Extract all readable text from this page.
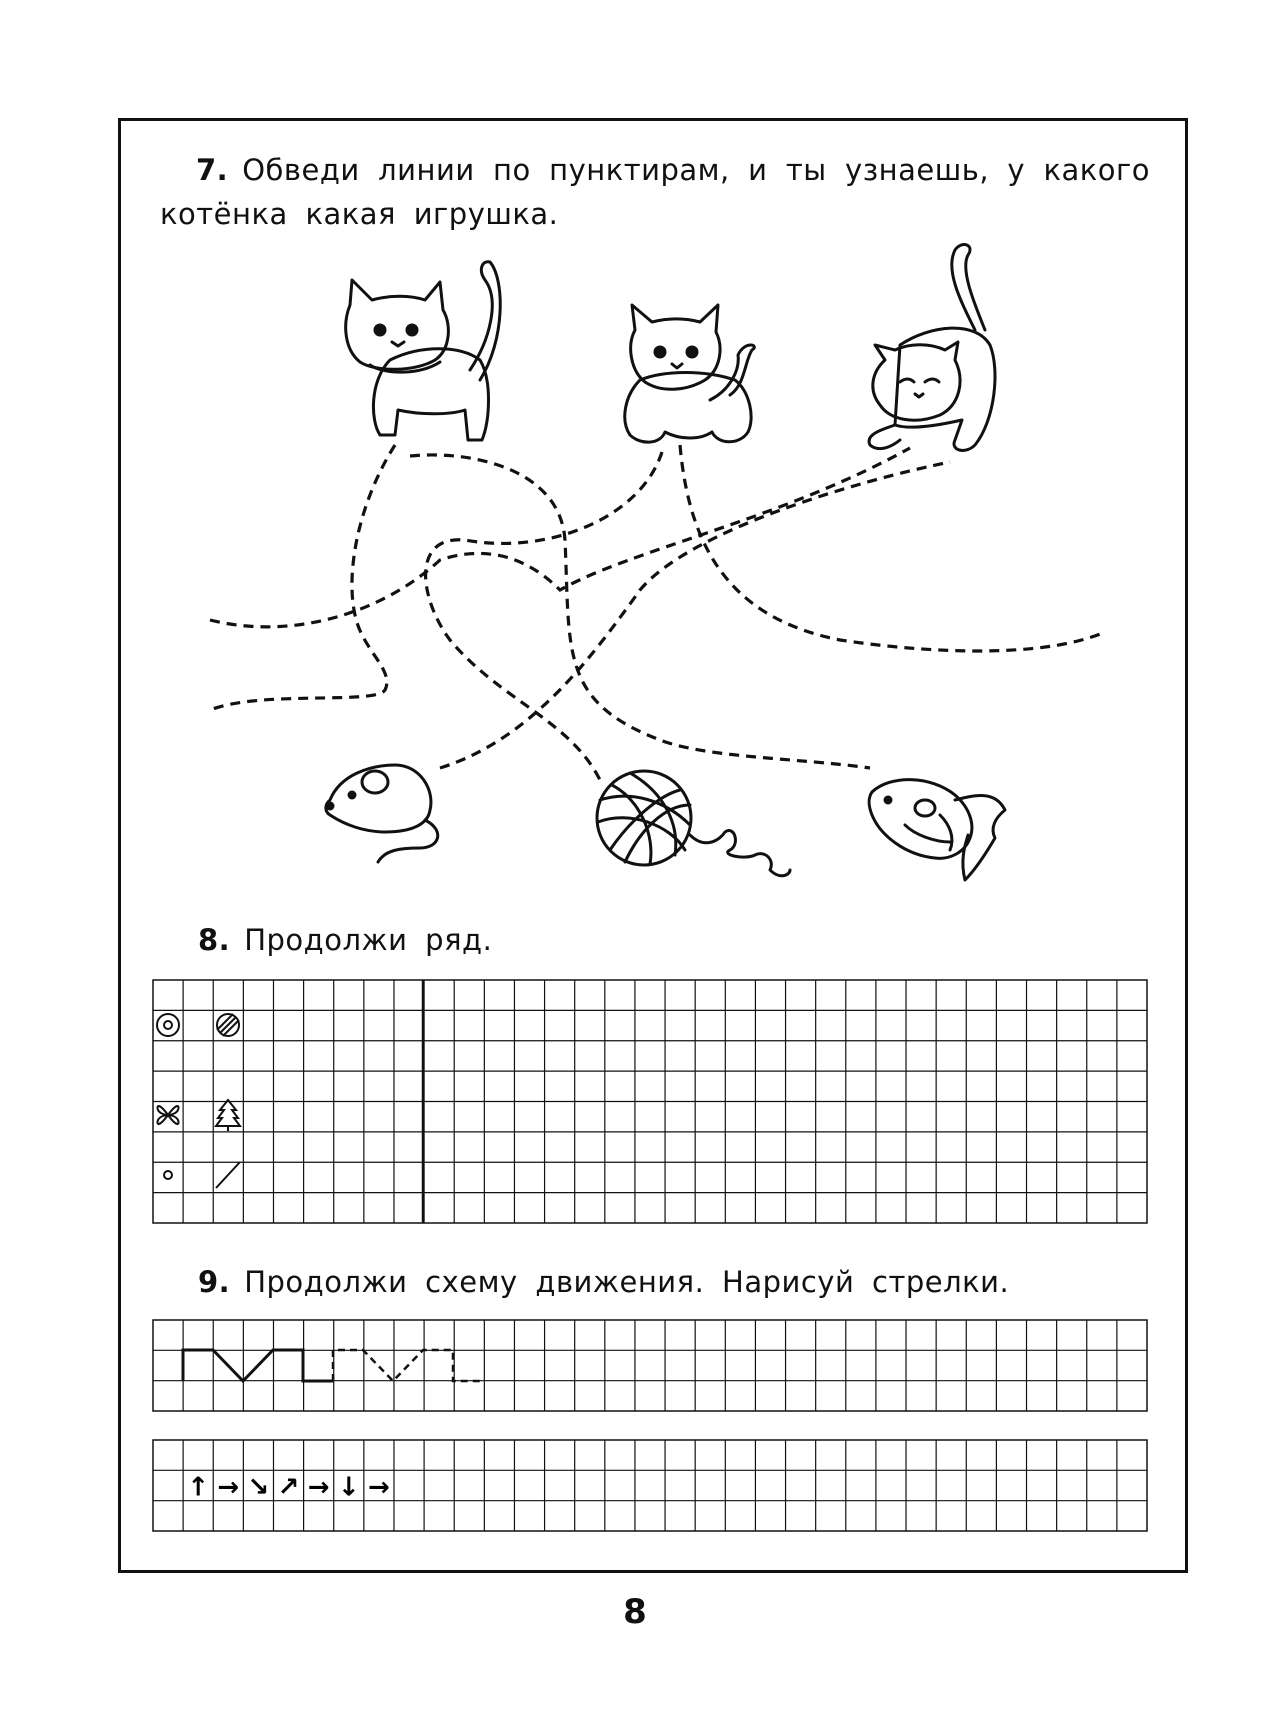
7. Обведи линии по пунктирам, и ты узнаешь, у какого котёнка какая игрушка.
↑ → ↘ ↗ → ↓ →
8. Продолжи ряд.
9. Продолжи схему движения. Нарисуй стрелки.
8
